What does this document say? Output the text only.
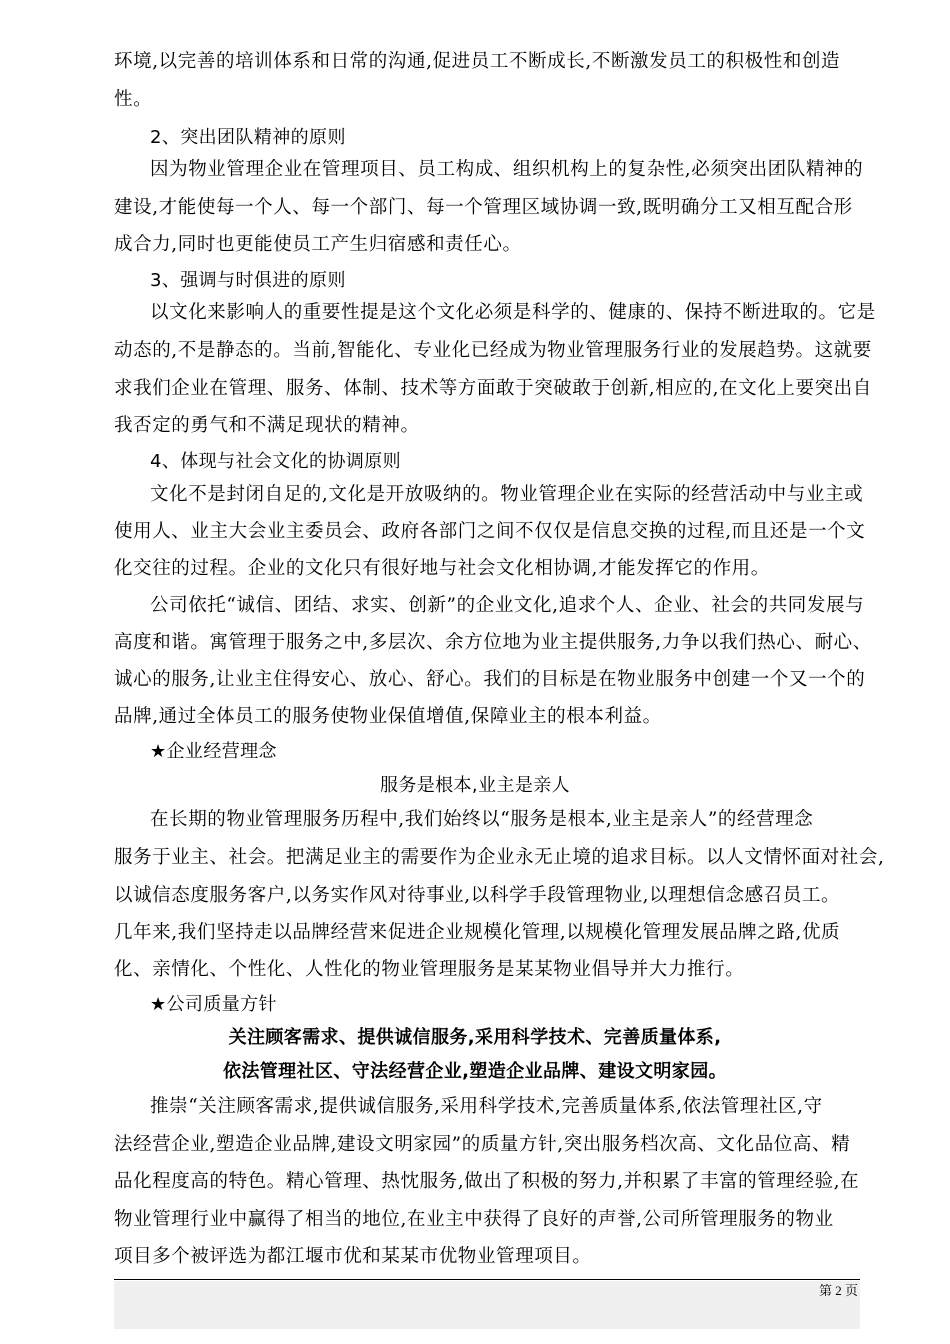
环境,以完善的培训体系和日常的沟通,促进员工不断成长,不断激发员工的积极性和创造
性。
2、突出团队精神的原则
因为物业管理企业在管理项目、员工构成、组织机构上的复杂性,必须突出团队精神的
建设,才能使每一个人、每一个部门、每一个管理区域协调一致,既明确分工又相互配合形
成合力,同时也更能使员工产生归宿感和责任心。
3、强调与时俱进的原则
以文化来影响人的重要性提是这个文化必须是科学的、健康的、保持不断进取的。它是
动态的,不是静态的。当前,智能化、专业化已经成为物业管理服务行业的发展趋势。这就要
求我们企业在管理、服务、体制、技术等方面敢于突破敢于创新,相应的,在文化上要突出自
我否定的勇气和不满足现状的精神。
4、体现与社会文化的协调原则
文化不是封闭自足的,文化是开放吸纳的。物业管理企业在实际的经营活动中与业主或
使用人、业主大会业主委员会、政府各部门之间不仅仅是信息交换的过程,而且还是一个文
化交往的过程。企业的文化只有很好地与社会文化相协调,才能发挥它的作用。
公司依托“诚信、团结、求实、创新”的企业文化,追求个人、企业、社会的共同发展与
高度和谐。寓管理于服务之中,多层次、余方位地为业主提供服务,力争以我们热心、耐心、
诚心的服务,让业主住得安心、放心、舒心。我们的目标是在物业服务中创建一个又一个的
品牌,通过全体员工的服务使物业保值增值,保障业主的根本利益。
★企业经营理念
服务是根本,业主是亲人
在长期的物业管理服务历程中,我们始终以“服务是根本,业主是亲人”的经营理念
服务于业主、社会。把满足业主的需要作为企业永无止境的追求目标。以人文情怀面对社会,
以诚信态度服务客户,以务实作风对待事业,以科学手段管理物业,以理想信念感召员工。
几年来,我们坚持走以品牌经营来促进企业规模化管理,以规模化管理发展品牌之路,优质
化、亲情化、个性化、人性化的物业管理服务是某某物业倡导并大力推行。
★公司质量方针
关注顾客需求、提供诚信服务,采用科学技术、完善质量体系,
依法管理社区、守法经营企业,塑造企业品牌、建设文明家园。
推崇“关注顾客需求,提供诚信服务,采用科学技术,完善质量体系,依法管理社区,守
法经营企业,塑造企业品牌,建设文明家园”的质量方针,突出服务档次高、文化品位高、精
品化程度高的特色。精心管理、热忱服务,做出了积极的努力,并积累了丰富的管理经验,在
物业管理行业中赢得了相当的地位,在业主中获得了良好的声誉,公司所管理服务的物业
项目多个被评选为都江堰市优和某某市优物业管理项目。
第 2 页
